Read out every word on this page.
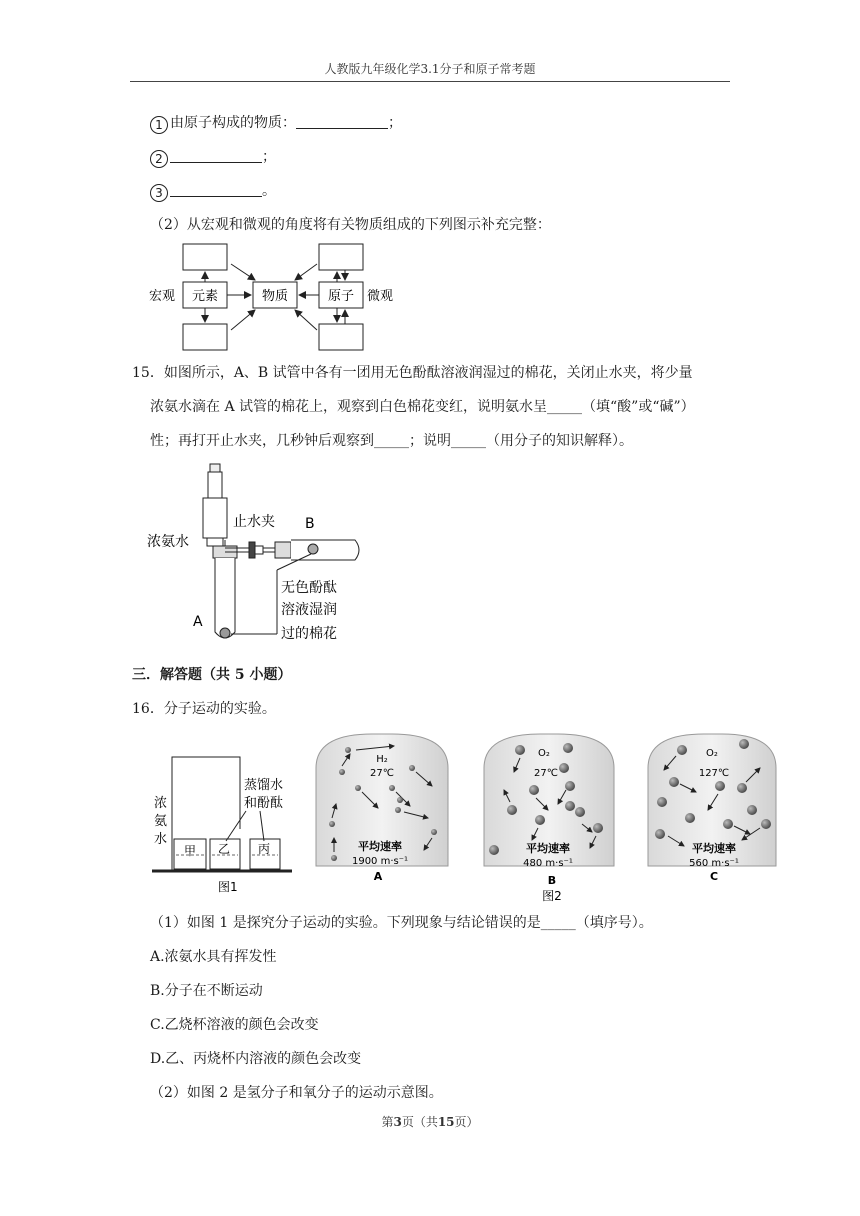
人教版九年级化学3.1分子和原子常考题
1 由原子构成的物质：	；
2	；
3	。
（2）从宏观和微观的角度将有关物质组成的下列图示补充完整：
宏观 元素	物质	原子 微观
15．如图所示，A、B 试管中各有一团用无色酚酞溶液润湿过的棉花，关闭止水夹，将少量
浓氨水滴在 A 试管的棉花上，观察到白色棉花变红，说明氨水呈_____（填“酸”或“碱”）
性；再打开止水夹，几秒钟后观察到_____；说明_____（用分子的知识解释）。
止水夹 B
浓氨水
无色酚酞
溶液湿润
过的棉花
A
三．解答题（共 5 小题）
16．分子运动的实验。
甲 乙 丙
浓
氨
水
蒸馏水
和酚酞
图1
H₂
27℃
平均速率
1900 m·s⁻¹
A
O₂
27℃
平均速率
480 m·s⁻¹
B
图2
O₂
127℃
平均速率
560 m·s⁻¹
C
（1）如图 1 是探究分子运动的实验。下列现象与结论错误的是_____（填序号）。
A.浓氨水具有挥发性
B.分子在不断运动
C.乙烧杯溶液的颜色会改变
D.乙、丙烧杯内溶液的颜色会改变
（2）如图 2 是氢分子和氧分子的运动示意图。
第3页（共15页）
